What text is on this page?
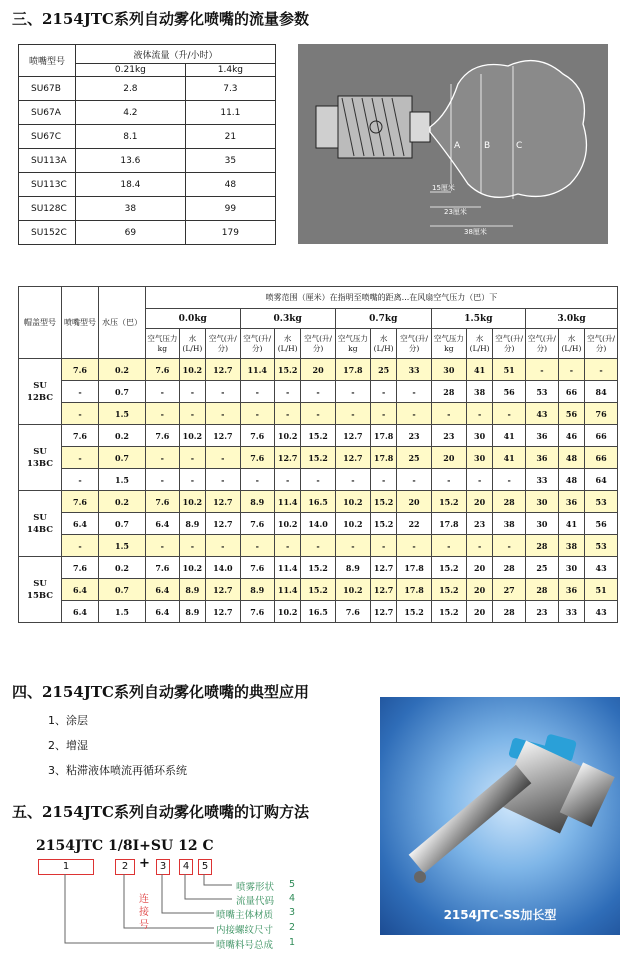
三、2154JTC系列自动雾化喷嘴的流量参数
喷嘴型号	液体流量（升/小时）	
	0.21kg	1.4kg
SU67B	2.8	7.3
SU67A	4.2	11.1
SU67C	8.1	21
SU113A	13.6	35
SU113C	18.4	48
SU128C	38	99
SU152C	69	179
A	B	C
15厘米
23厘米
38厘米
帽盖型号	喷嘴型号	水压（巴）	喷雾范围（厘米）在指明至喷嘴的距离...在风扇空气压力（巴）下														
			0.0kg			0.3kg			0.7kg			1.5kg			3.0kg		
			空气压力kg	水(L/H)	空气(升/分)	空气(升/分)	水(L/H)	空气(升/分)	空气压力kg	水(L/H)	空气(升/分)	空气压力kg	水(L/H)	空气(升/分)	空气(升/分)	水(L/H)	空气(升/分)
SU
12BC	7.6	0.2	7.6	10.2	12.7	11.4	15.2	20	17.8	25	33	30	41	51	-	-	-
	-	0.7	-	-	-	-	-	-	-	-	-	28	38	56	53	66	84
	-	1.5	-	-	-	-	-	-	-	-	-	-	-	-	43	56	76
SU
13BC	7.6	0.2	7.6	10.2	12.7	7.6	10.2	15.2	12.7	17.8	23	23	30	41	36	46	66
	-	0.7	-	-	-	7.6	12.7	15.2	12.7	17.8	25	20	30	41	36	48	66
	-	1.5	-	-	-	-	-	-	-	-	-	-	-	-	33	48	64
SU
14BC	7.6	0.2	7.6	10.2	12.7	8.9	11.4	16.5	10.2	15.2	20	15.2	20	28	30	36	53
	6.4	0.7	6.4	8.9	12.7	7.6	10.2	14.0	10.2	15.2	22	17.8	23	38	30	41	56
	-	1.5	-	-	-	-	-	-	-	-	-	-	-	-	28	38	53
SU
15BC	7.6	0.2	7.6	10.2	14.0	7.6	11.4	15.2	8.9	12.7	17.8	15.2	20	28	25	30	43
	6.4	0.7	6.4	8.9	12.7	8.9	11.4	15.2	10.2	12.7	17.8	15.2	20	27	28	36	51
	6.4	1.5	6.4	8.9	12.7	7.6	10.2	16.5	7.6	12.7	15.2	15.2	20	28	23	33	43
四、2154JTC系列自动雾化喷嘴的典型应用
1、涂层
2、增湿
3、粘滞液体喷流再循环系统
五、2154JTC系列自动雾化喷嘴的订购方法
2154JTC 1/8I+SU 12 C
1	2 + 3	4	5
连接号
喷雾形状 5
流量代码 4
喷嘴主体材质 3
内接螺纹尺寸 2
喷嘴料号总成 1
2154JTC-SS加长型
